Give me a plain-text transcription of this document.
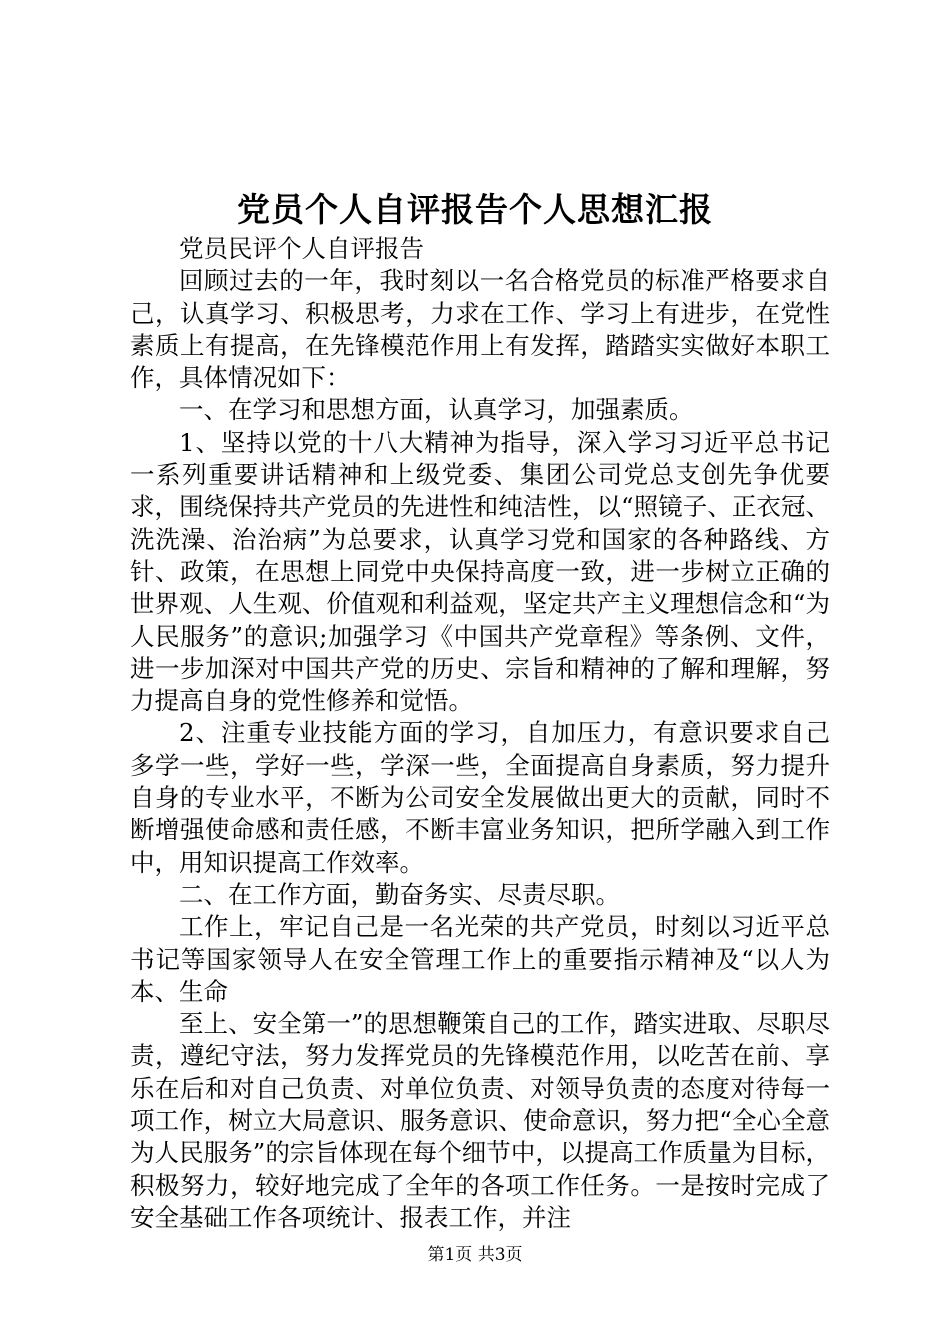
党员个人自评报告个人思想汇报

党员民评个人自评报告

回顾过去的一年，我时刻以一名合格党员的标准严格要求自己，认真学习、积极思考，力求在工作、学习上有进步，在党性素质上有提高，在先锋模范作用上有发挥，踏踏实实做好本职工作，具体情况如下：

一、在学习和思想方面，认真学习，加强素质。

1、坚持以党的十八大精神为指导，深入学习习近平总书记一系列重要讲话精神和上级党委、集团公司党总支创先争优要求，围绕保持共产党员的先进性和纯洁性，以“照镜子、正衣冠、洗洗澡、治治病”为总要求，认真学习党和国家的各种路线、方针、政策，在思想上同党中央保持高度一致，进一步树立正确的世界观、人生观、价值观和利益观，坚定共产主义理想信念和“为人民服务”的意识;加强学习《中国共产党章程》等条例、文件，进一步加深对中国共产党的历史、宗旨和精神的了解和理解，努力提高自身的党性修养和觉悟。

2、注重专业技能方面的学习，自加压力，有意识要求自己多学一些，学好一些，学深一些，全面提高自身素质，努力提升自身的专业水平，不断为公司安全发展做出更大的贡献，同时不断增强使命感和责任感，不断丰富业务知识，把所学融入到工作中，用知识提高工作效率。

二、在工作方面，勤奋务实、尽责尽职。

工作上，牢记自己是一名光荣的共产党员，时刻以习近平总书记等国家领导人在安全管理工作上的重要指示精神及“以人为本、生命

至上、安全第一”的思想鞭策自己的工作，踏实进取、尽职尽责，遵纪守法，努力发挥党员的先锋模范作用，以吃苦在前、享乐在后和对自己负责、对单位负责、对领导负责的态度对待每一项工作，树立大局意识、服务意识、使命意识，努力把“全心全意为人民服务”的宗旨体现在每个细节中，以提高工作质量为目标，积极努力，较好地完成了全年的各项工作任务。一是按时完成了安全基础工作各项统计、报表工作，并注

第1页 共3页
